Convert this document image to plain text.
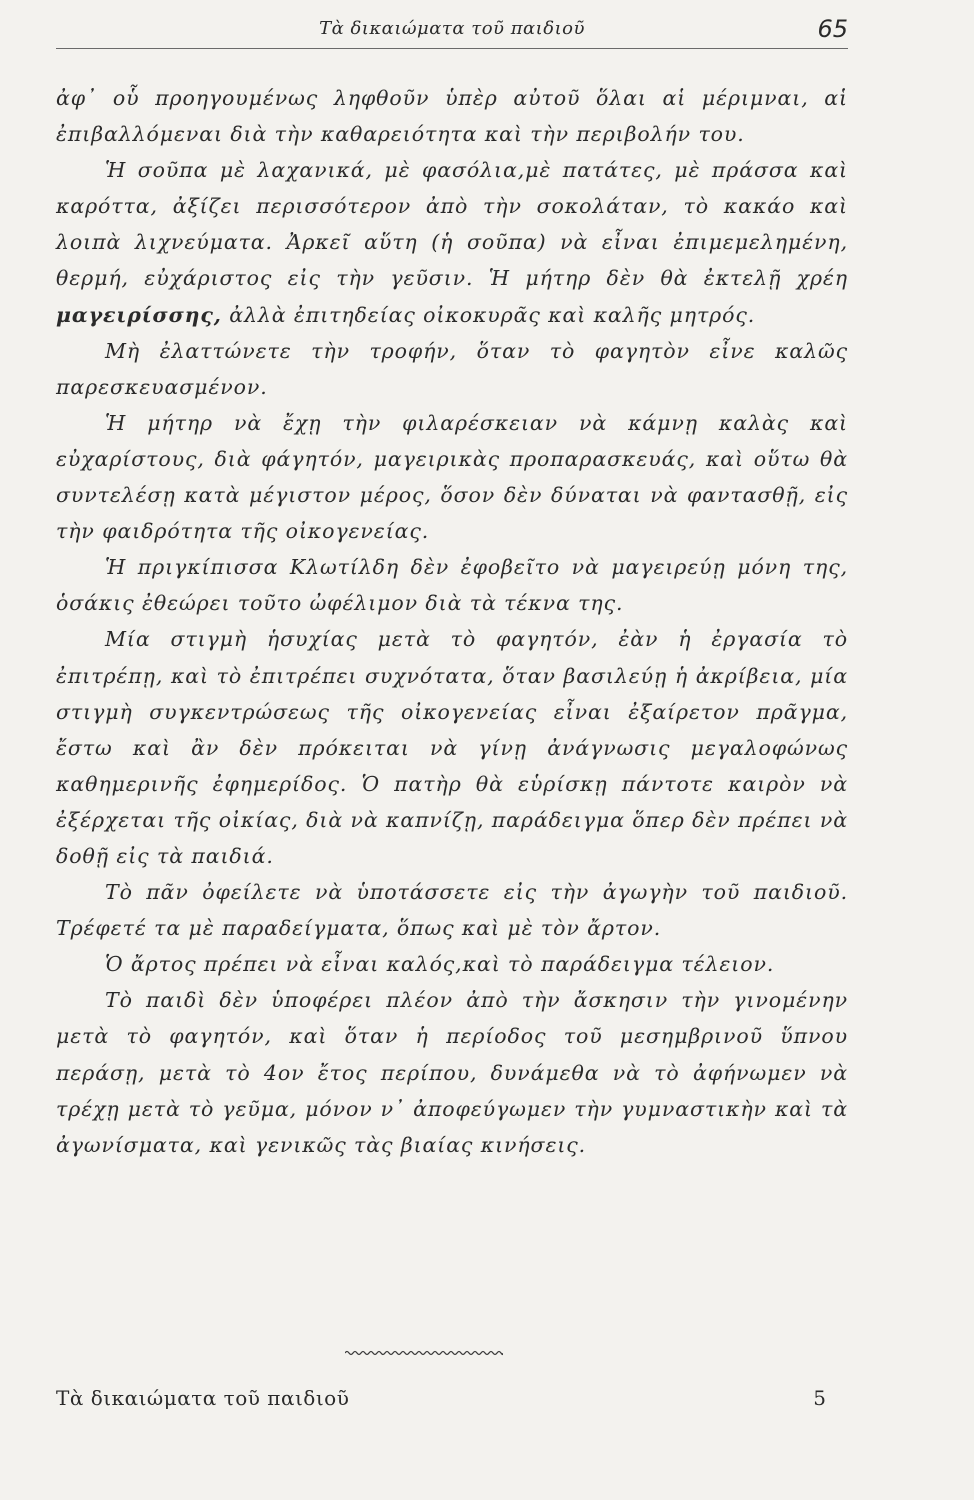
Τὰ δικαιώματα τοῦ παιδιοῦ	65

ἀφ᾽ οὗ προηγουμένως ληφθοῦν ὑπὲρ αὐτοῦ ὅλαι αἱ μέριμναι, αἱ ἐπιβαλλόμεναι διὰ τὴν καθαρειότητα καὶ τὴν περιβολήν του.

Ἡ σοῦπα μὲ λαχανικά, μὲ φασόλια,μὲ πατάτες, μὲ πράσσα καὶ καρόττα, ἀξίζει περισσότερον ἀπὸ τὴν σοκολάταν, τὸ κακάο καὶ λοιπὰ λιχνεύματα. Ἀρκεῖ αὕτη (ἡ σοῦπα) νὰ εἶναι ἐπιμεμελημένη, θερμή, εὐχάριστος εἰς τὴν γεῦσιν. Ἡ μήτηρ δὲν θὰ ἐκτελῇ χρέη μαγειρίσσης, ἀλλὰ ἐπιτηδείας οἰκοκυρᾶς καὶ καλῆς μητρός.

Μὴ ἐλαττώνετε τὴν τροφήν, ὅταν τὸ φαγητὸν εἶνε καλῶς παρεσκευασμένον.

Ἡ μήτηρ νὰ ἔχῃ τὴν φιλαρέσκειαν νὰ κάμνῃ καλὰς καὶ εὐχαρίστους, διὰ φάγητόν, μαγειρικὰς προπαρασκευάς, καὶ οὕτω θὰ συντελέσῃ κατὰ μέγιστον μέρος, ὅσον δὲν δύναται νὰ φαντασθῇ, εἰς τὴν φαιδρότητα τῆς οἰκογενείας.

Ἡ πριγκίπισσα Κλωτίλδη δὲν ἐφοβεῖτο νὰ μαγειρεύῃ μόνη της, ὁσάκις ἐθεώρει τοῦτο ὠφέλιμον διὰ τὰ τέκνα της.

Μία στιγμὴ ἡσυχίας μετὰ τὸ φαγητόν, ἐὰν ἡ ἐργασία τὸ ἐπιτρέπῃ, καὶ τὸ ἐπιτρέπει συχνότατα, ὅταν βασιλεύῃ ἡ ἀκρίβεια, μία στιγμὴ συγκεντρώσεως τῆς οἰκογενείας εἶναι ἐξαίρετον πρᾶγμα, ἔστω καὶ ἂν δὲν πρόκειται νὰ γίνῃ ἀνάγνωσις μεγαλοφώνως καθημερινῆς ἐφημερίδος. Ὁ πατὴρ θὰ εὑρίσκῃ πάντοτε καιρὸν νὰ ἐξέρχεται τῆς οἰκίας, διὰ νὰ καπνίζῃ, παράδειγμα ὅπερ δὲν πρέπει νὰ δοθῇ εἰς τὰ παιδιά.

Τὸ πᾶν ὀφείλετε νὰ ὑποτάσσετε εἰς τὴν ἀγωγὴν τοῦ παιδιοῦ. Τρέφετέ τα μὲ παραδείγματα, ὅπως καὶ μὲ τὸν ἄρτον.

Ὁ ἄρτος πρέπει νὰ εἶναι καλός,καὶ τὸ παράδειγμα τέλειον.

Τὸ παιδὶ δὲν ὑποφέρει πλέον ἀπὸ τὴν ἄσκησιν τὴν γινομένην μετὰ τὸ φαγητόν, καὶ ὅταν ἡ περίοδος τοῦ μεσημβρινοῦ ὕπνου περάσῃ, μετὰ τὸ 4ον ἔτος περίπου, δυνάμεθα νὰ τὸ ἀφήνωμεν νὰ τρέχῃ μετὰ τὸ γεῦμα, μόνον ν᾽ ἀποφεύγωμεν τὴν γυμναστικὴν καὶ τὰ ἀγωνίσματα, καὶ γενικῶς τὰς βιαίας κινήσεις.

Τὰ δικαιώματα τοῦ παιδιοῦ	5
